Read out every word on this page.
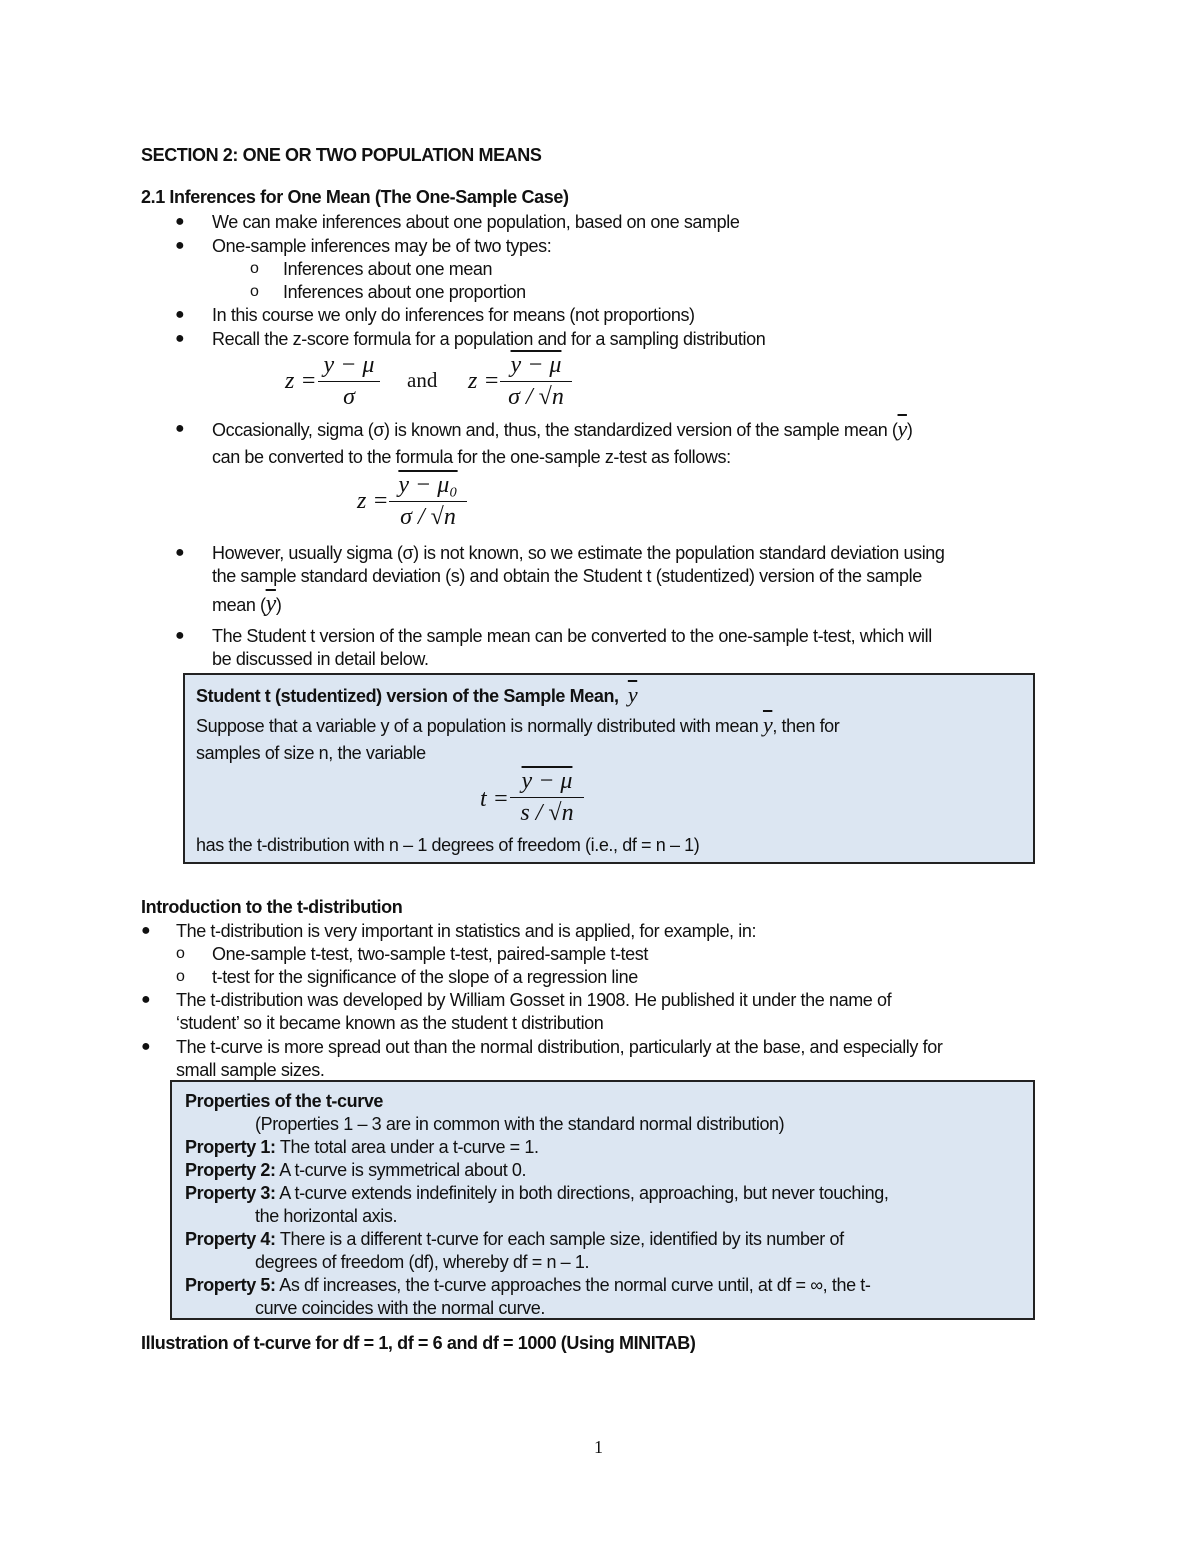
SECTION 2: ONE OR TWO POPULATION MEANS
2.1 Inferences for One Mean (The One-Sample Case)
● We can make inferences about one population, based on one sample
● One-sample inferences may be of two types:
o Inferences about one mean
o Inferences about one proportion
● In this course we only do inferences for means (not proportions)
● Recall the z-score formula for a population and for a sampling distribution
$z = \frac{y - \mu}{\sigma}$ and $z = \frac{y - \mu}{\sigma / √n}$
● Occasionally, sigma (σ) is known and, thus, the standardized version of the sample mean $(\overline{y})$
can be converted to the formula for the one-sample z-test as follows:
$z = \frac{\text{y − μ₀}}{\sigma / √n}$
● However, usually sigma (σ) is not known, so we estimate the population standard deviation using
the sample standard deviation (s) and obtain the Student t (studentized) version of the sample
mean $(\overline{y})$
● The Student t version of the sample mean can be converted to the one-sample t-test, which will
be discussed in detail below.
Student t (studentized) version of the Sample Mean, $\overline{y}$
Suppose that a variable y of a population is normally distributed with mean $\overline{y}$, then for
samples of size n, the variable
$t = \frac{y - \mu}{s / √n}$
has the t-distribution with n – 1 degrees of freedom (i.e., df = n – 1)
Introduction to the t-distribution
● The t-distribution is very important in statistics and is applied, for example, in:
o One-sample t-test, two-sample t-test, paired-sample t-test
o t-test for the significance of the slope of a regression line
● The t-distribution was developed by William Gosset in 1908. He published it under the name of
‘student’ so it became known as the student t distribution
● The t-curve is more spread out than the normal distribution, particularly at the base, and especially for
small sample sizes.
Properties of the t-curve
(Properties 1 – 3 are in common with the standard normal distribution)
Property 1: The total area under a t-curve = 1.
Property 2: A t-curve is symmetrical about 0.
Property 3: A t-curve extends indefinitely in both directions, approaching, but never touching,
the horizontal axis.
Property 4: There is a different t-curve for each sample size, identified by its number of
degrees of freedom (df), whereby df = n – 1.
Property 5: As df increases, the t-curve approaches the normal curve until, at df = ∞, the t-
curve coincides with the normal curve.
Illustration of t-curve for df = 1, df = 6 and df = 1000 (Using MINITAB)
1
